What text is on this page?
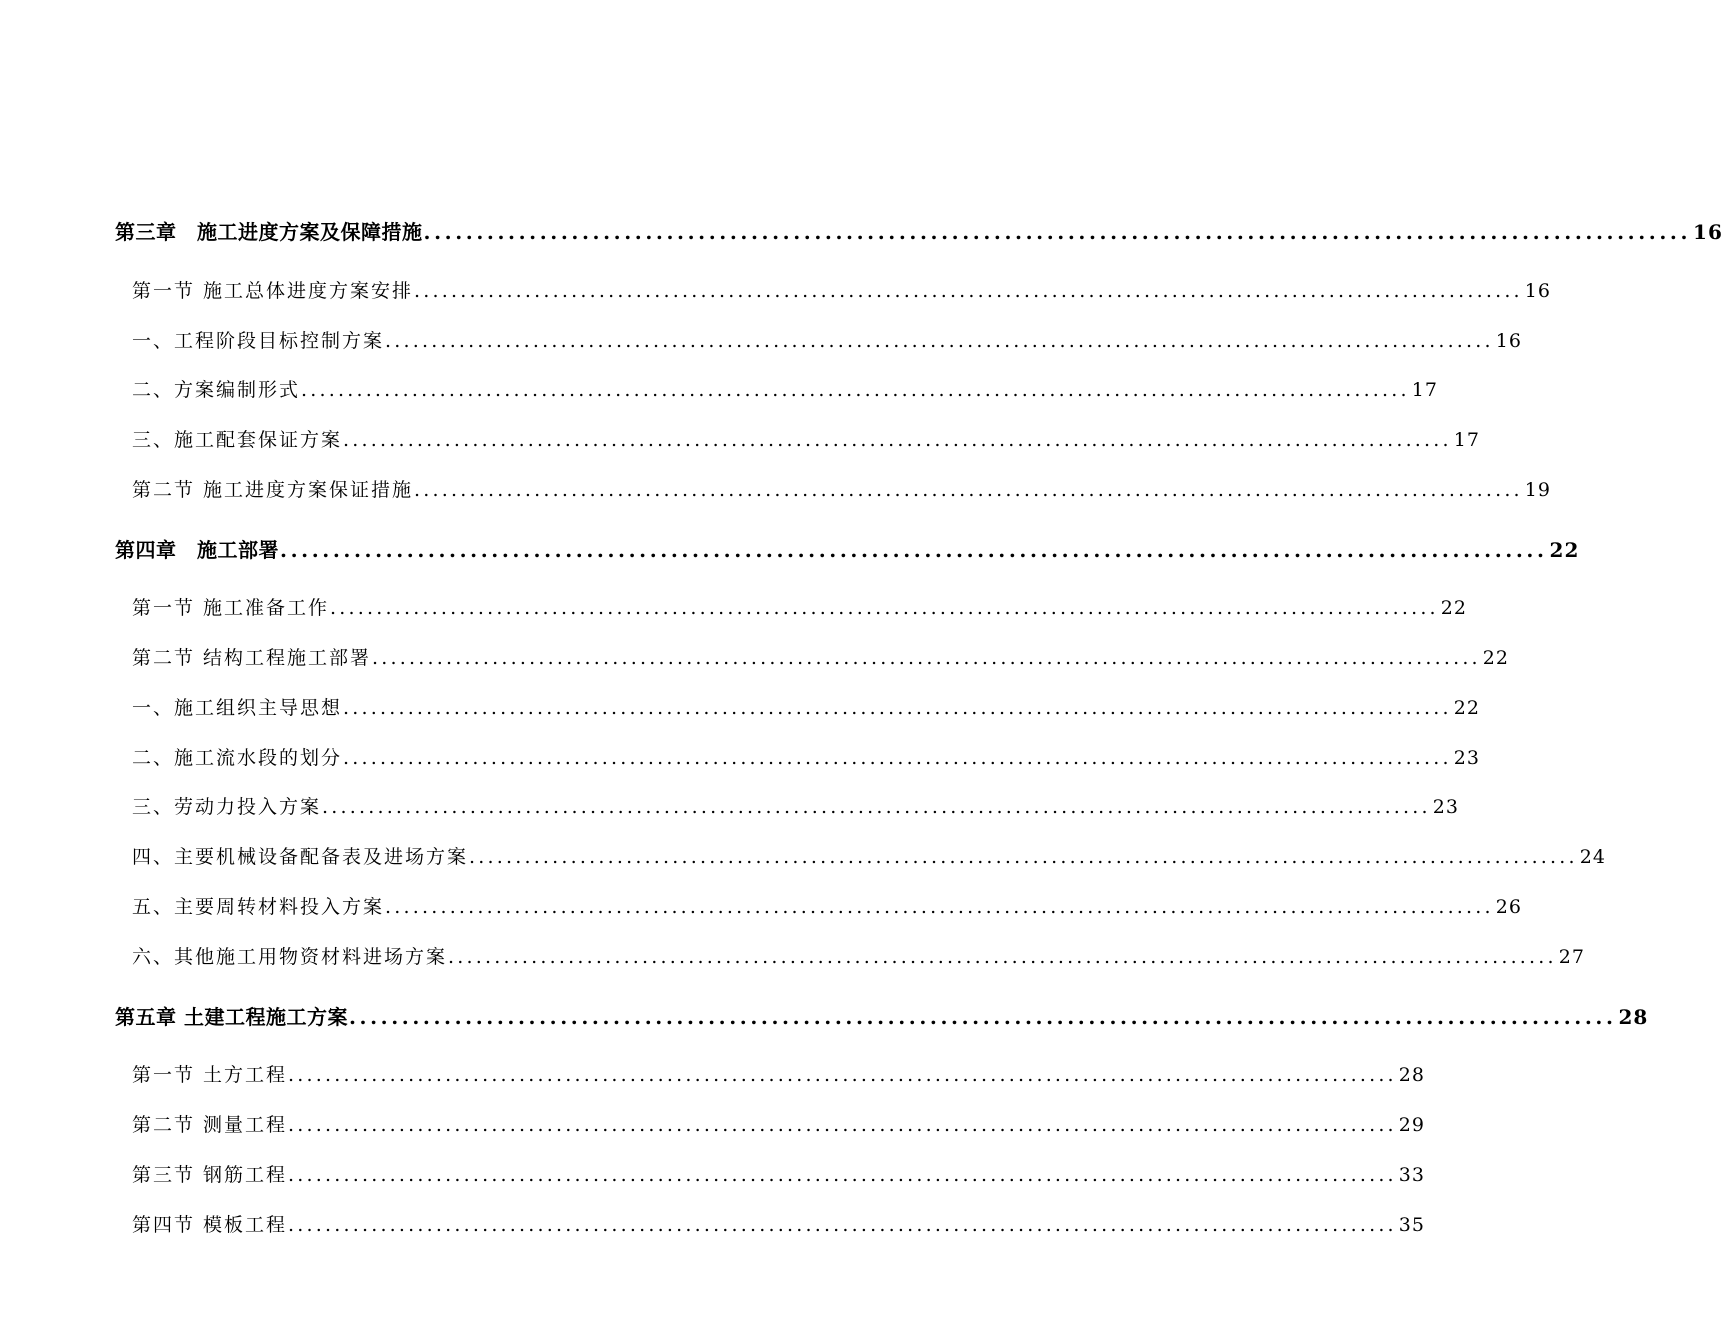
第三章　施工进度方案及保障措施 ........................................................................................................................ 16
第一节 施工总体进度方案安排 ........................................................................................................................ 16
一、工程阶段目标控制方案 ........................................................................................................................ 16
二、方案编制形式 ........................................................................................................................ 17
三、施工配套保证方案 ........................................................................................................................ 17
第二节 施工进度方案保证措施 ........................................................................................................................ 19
第四章　施工部署 ........................................................................................................................ 22
第一节 施工准备工作 ........................................................................................................................ 22
第二节 结构工程施工部署 ........................................................................................................................ 22
一、施工组织主导思想 ........................................................................................................................ 22
二、施工流水段的划分 ........................................................................................................................ 23
三、劳动力投入方案 ........................................................................................................................ 23
四、主要机械设备配备表及进场方案 ........................................................................................................................ 24
五、主要周转材料投入方案 ........................................................................................................................ 26
六、其他施工用物资材料进场方案 ........................................................................................................................ 27
第五章 土建工程施工方案 ........................................................................................................................ 28
第一节 土方工程 ........................................................................................................................ 28
第二节 测量工程 ........................................................................................................................ 29
第三节 钢筋工程 ........................................................................................................................ 33
第四节 模板工程 ........................................................................................................................ 35
